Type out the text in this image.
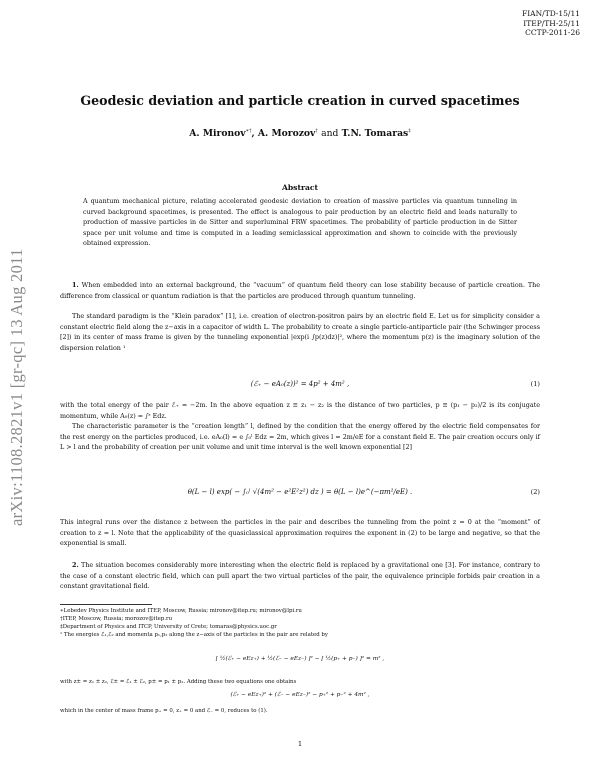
FIAN/TD-15/11
ITEP/TH-25/11
CCTP-2011-26
arXiv:1108.2821v1 [gr-qc] 13 Aug 2011
Geodesic deviation and particle creation in curved spacetimes
A. Mironov∗†, A. Morozov† and T.N. Tomaras‡
Abstract
A quantum mechanical picture, relating accelerated geodesic deviation to creation of massive particles via quantum tunneling in curved background spacetimes, is presented. The effect is analogous to pair production by an electric field and leads naturally to production of massive particles in de Sitter and superluminal FRW spacetimes. The probability of particle production in de Sitter space per unit volume and time is computed in a leading semiclassical approximation and shown to coincide with the previously obtained expression.
1. When embedded into an external background, the “vacuum” of quantum field theory can lose stability because of particle creation. The difference from classical or quantum radiation is that the particles are produced through quantum tunneling.
The standard paradigm is the “Klein paradox” [1], i.e. creation of electron-positron pairs by an electric field E. Let us for simplicity consider a constant electric field along the z−axis in a capacitor of width L. The probability to create a single particle-antiparticle pair (the Schwinger process [2]) in its center of mass frame is given by the tunneling exponential |exp(i ∫p(z)dz)|², where the momentum p(z) is the imaginary solution of the dispersion relation ¹
(ℰ₊ − eA₀(z))² = 4p² + 4m² ,	(1)
with the total energy of the pair ℰ₊ = −2m. In the above equation z ≡ z₁ − z₂ is the distance of two particles, p ≡ (p₁ − p₂)/2 is its conjugate momentum, while A₀(z) = ∫ᶻ Edz.
The characteristic parameter is the “creation length” l, defined by the condition that the energy offered by the electric field compensates for the rest energy on the particles produced, i.e. eA₀(l) = e ∫₀ˡ Edz = 2m, which gives l = 2m/eE for a constant field E. The pair creation occurs only if L > l and the probability of creation per unit volume and unit time interval is the well known exponential [2]
θ(L − l) exp( − ∫₀ˡ √(4m² − e²E²z²) dz ) = θ(L − l)e^(−πm²/eE) .	(2)
This integral runs over the distance z between the particles in the pair and describes the tunneling from the point z = 0 at the “moment” of creation to z = l. Note that the applicability of the quasiclassical approximation requires the exponent in (2) to be large and negative, so that the exponential is small.
2. The situation becomes considerably more interesting when the electric field is replaced by a gravitational one [3]. For instance, contrary to the case of a constant electric field, which can pull apart the two virtual particles of the pair, the equivalence principle forbids pair creation in a constant gravitational field.
∗Lebedev Physics Institute and ITEP, Moscow, Russia; mironov@itep.ru; mironov@lpi.ru
†ITEP, Moscow, Russia; morozov@itep.ru
‡Department of Physics and ITCP, University of Crete; tomaras@physics.uoc.gr
¹ The energies ℰ₁,ℰ₂ and momenta p₁,p₂ along the z−axis of the particles in the pair are related by
[ ½(ℰ₊ − eEz₊) + ½(ℰ₋ − eEz₋) ]² − [ ½(p₊ + p₋) ]² = m² ,
with z± = z₁ ± z₂, ℰ± = ℰ₁ ± ℰ₂, p± = p₁ ± p₂. Adding these two equations one obtains
(ℰ₊ − eEz₊)² + (ℰ₋ − eEz₋)² − p₊² + p₋² + 4m² ,
which in the center of mass frame p₊ = 0, z₊ = 0 and ℰ₋ = 0, reduces to (1).
1
